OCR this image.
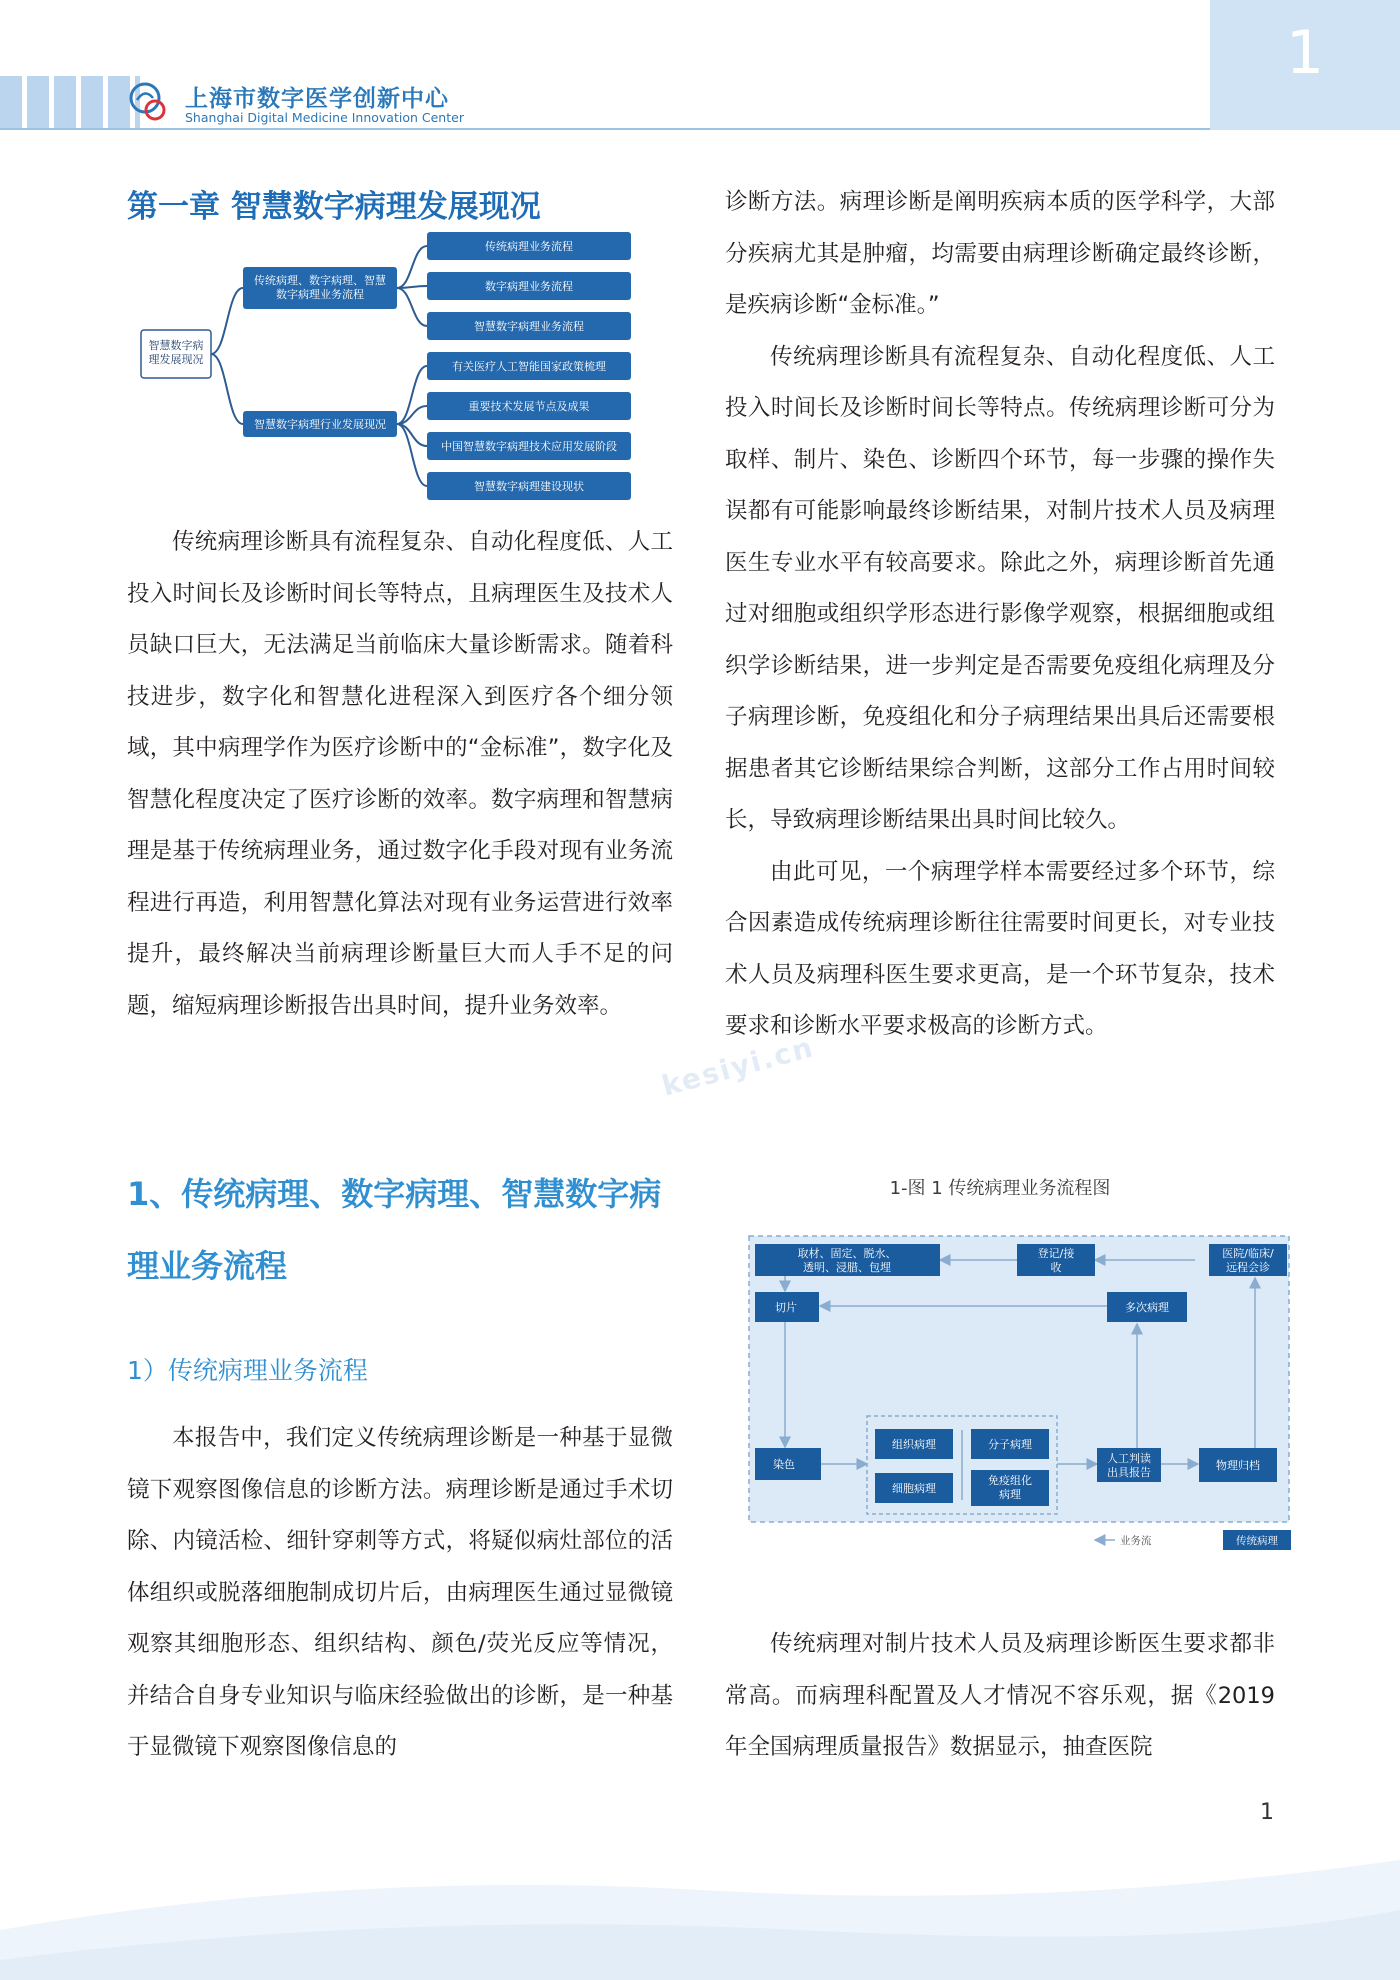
1
上海市数字医学创新中心
Shanghai Digital Medicine Innovation Center
第一章 智慧数字病理发展现况
智慧数字病理发展现况
传统病理、数字病理、智慧数字病理业务流程
智慧数字病理行业发展现况
传统病理业务流程
数字病理业务流程
智慧数字病理业务流程
有关医疗人工智能国家政策梳理
重要技术发展节点及成果
中国智慧数字病理技术应用发展阶段
智慧数字病理建设现状
传统病理诊断具有流程复杂、自动化程度低、人工投入时间长及诊断时间长等特点，且病理医生及技术人员缺口巨大，无法满足当前临床大量诊断需求。随着科技进步，数字化和智慧化进程深入到医疗各个细分领域，其中病理学作为医疗诊断中的“金标准”，数字化及智慧化程度决定了医疗诊断的效率。数字病理和智慧病理是基于传统病理业务，通过数字化手段对现有业务流程进行再造，利用智慧化算法对现有业务运营进行效率提升，最终解决当前病理诊断量巨大而人手不足的问题，缩短病理诊断报告出具时间，提升业务效率。
1、传统病理、数字病理、智慧数字病理业务流程
1）传统病理业务流程
本报告中，我们定义传统病理诊断是一种基于显微镜下观察图像信息的诊断方法。病理诊断是通过手术切除、内镜活检、细针穿刺等方式，将疑似病灶部位的活体组织或脱落细胞制成切片后，由病理医生通过显微镜观察其细胞形态、组织结构、颜色/荧光反应等情况，并结合自身专业知识与临床经验做出的诊断，是一种基于显微镜下观察图像信息的

诊断方法。病理诊断是阐明疾病本质的医学科学，大部分疾病尤其是肿瘤，均需要由病理诊断确定最终诊断，是疾病诊断“金标准。”

传统病理诊断具有流程复杂、自动化程度低、人工投入时间长及诊断时间长等特点。传统病理诊断可分为取样、制片、染色、诊断四个环节，每一步骤的操作失误都有可能影响最终诊断结果，对制片技术人员及病理医生专业水平有较高要求。除此之外，病理诊断首先通过对细胞或组织学形态进行影像学观察，根据细胞或组织学诊断结果，进一步判定是否需要免疫组化病理及分子病理诊断，免疫组化和分子病理结果出具后还需要根据患者其它诊断结果综合判断，这部分工作占用时间较长，导致病理诊断结果出具时间比较久。

由此可见，一个病理学样本需要经过多个环节，综合因素造成传统病理诊断往往需要时间更长，对专业技术人员及病理科医生要求更高，是一个环节复杂，技术要求和诊断水平要求极高的诊断方式。

1-图 1 传统病理业务流程图
取材、固定、脱水、透明、浸腊、包埋
登记/接收
医院/临床/远程会诊
切片	多次病理
染色
组织病理
细胞病理
分子病理
免疫组化病理
人工判读出具报告
物理归档
业务流	传统病理
传统病理对制片技术人员及病理诊断医生要求都非常高。而病理科配置及人才情况不容乐观，据《2019 年全国病理质量报告》数据显示，抽查医院
kesiyi.cn
1
